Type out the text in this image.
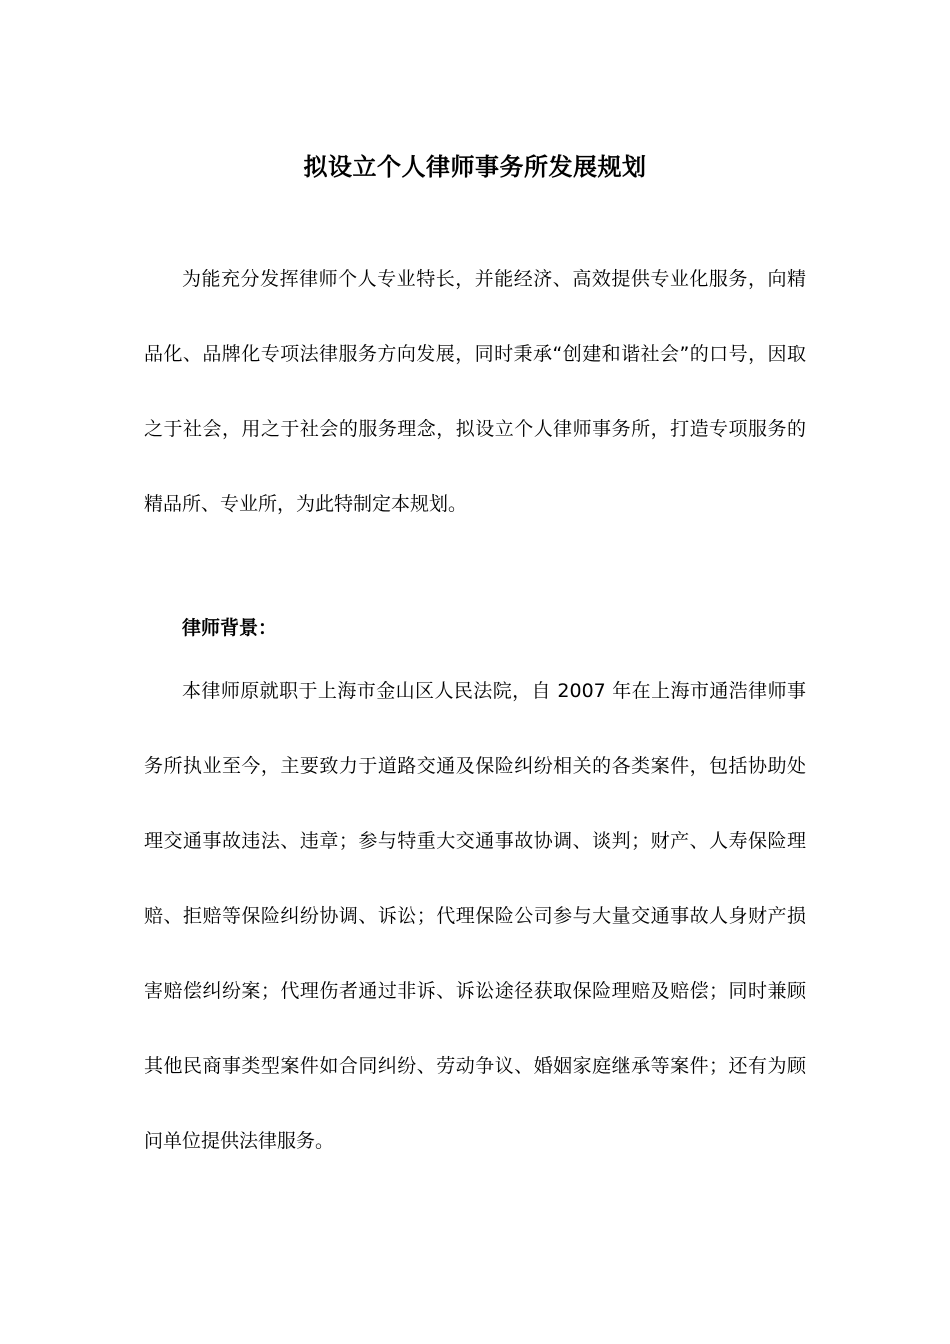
拟设立个人律师事务所发展规划

为能充分发挥律师个人专业特长，并能经济、高效提供专业化服务，向精品化、品牌化专项法律服务方向发展，同时秉承“创建和谐社会”的口号，因取之于社会，用之于社会的服务理念，拟设立个人律师事务所，打造专项服务的精品所、专业所，为此特制定本规划。

律师背景：

本律师原就职于上海市金山区人民法院，自 2007 年在上海市通浩律师事务所执业至今，主要致力于道路交通及保险纠纷相关的各类案件，包括协助处理交通事故违法、违章；参与特重大交通事故协调、谈判；财产、人寿保险理赔、拒赔等保险纠纷协调、诉讼；代理保险公司参与大量交通事故人身财产损害赔偿纠纷案；代理伤者通过非诉、诉讼途径获取保险理赔及赔偿；同时兼顾其他民商事类型案件如合同纠纷、劳动争议、婚姻家庭继承等案件；还有为顾问单位提供法律服务。
